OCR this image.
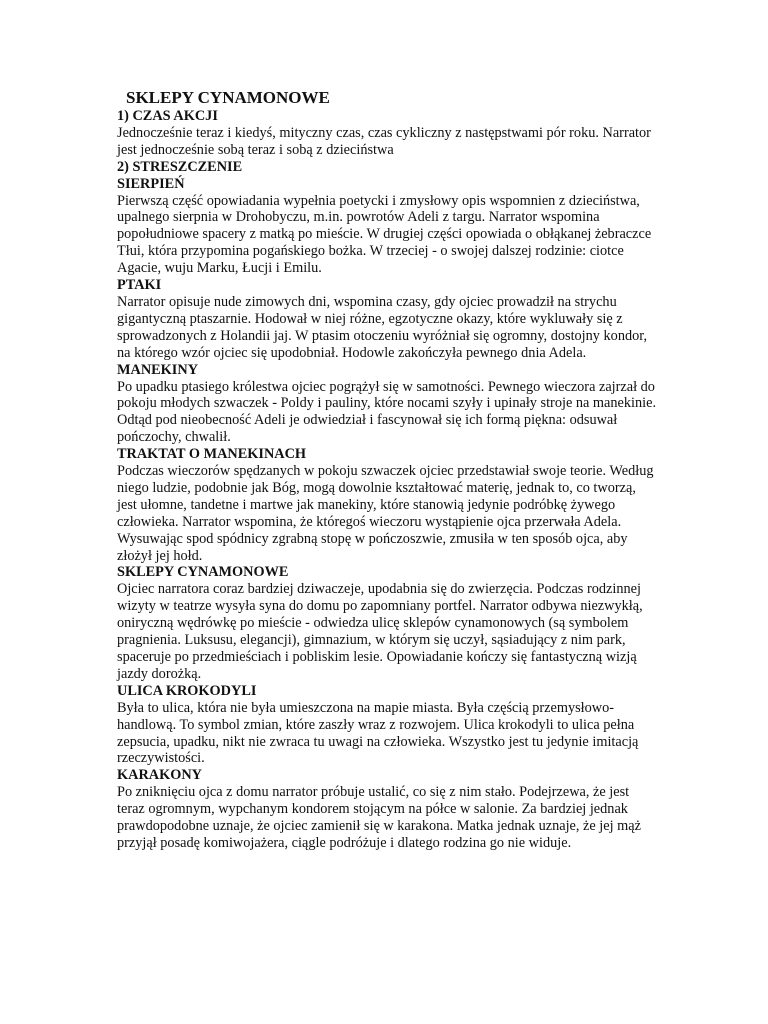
SKLEPY CYNAMONOWE
1) CZAS AKCJI

Jednocześnie teraz i kiedyś, mityczny czas, czas cykliczny z następstwami pór roku. Narrator jest jednocześnie sobą teraz i sobą z dzieciństwa

2) STRESZCZENIE
SIERPIEŃ

Pierwszą część opowiadania wypełnia poetycki i zmysłowy opis wspomnien z dzieciństwa, upalnego sierpnia w Drohobyczu, m.in. powrotów Adeli z targu. Narrator wspomina popołudniowe spacery z matką po mieście. W drugiej części opowiada o obłąkanej żebraczce Tłui, która przypomina pogańskiego bożka. W trzeciej - o swojej dalszej rodzinie: ciotce Agacie, wuju Marku, Łucji i Emilu.

PTAKI

Narrator opisuje nude zimowych dni, wspomina czasy, gdy ojciec prowadził na strychu gigantyczną ptaszarnie. Hodował w niej różne, egzotyczne okazy, które wykluwały się z sprowadzonych z Holandii jaj. W ptasim otoczeniu wyróżniał się ogromny, dostojny kondor, na którego wzór ojciec się upodobniał. Hodowle zakończyła pewnego dnia Adela.

MANEKINY

Po upadku ptasiego królestwa ojciec pogrążył się w samotności. Pewnego wieczora zajrzał do pokoju młodych szwaczek - Poldy i pauliny, które nocami szyły i upinały stroje na manekinie. Odtąd pod nieobecność Adeli je odwiedział i fascynował się ich formą piękna: odsuwał pończochy, chwalił.

TRAKTAT O MANEKINACH

Podczas wieczorów spędzanych w pokoju szwaczek ojciec przedstawiał swoje teorie. Według niego ludzie, podobnie jak Bóg, mogą dowolnie kształtować materię, jednak to, co tworzą, jest ułomne, tandetne i martwe jak manekiny, które stanowią jedynie podróbkę żywego człowieka. Narrator wspomina, że któregoś wieczoru wystąpienie ojca przerwała Adela. Wysuwając spod spódnicy zgrabną stopę w pończoszwie, zmusiła w ten sposób ojca, aby złożył jej hołd.

SKLEPY CYNAMONOWE

Ojciec narratora coraz bardziej dziwaczeje, upodabnia się do zwierzęcia. Podczas rodzinnej wizyty w teatrze wysyła syna do domu po zapomniany portfel. Narrator odbywa niezwykłą, oniryczną wędrówkę po mieście - odwiedza ulicę sklepów cynamonowych (są symbolem pragnienia. Luksusu, elegancji), gimnazium, w którym się uczył, sąsiadujący z nim park, spaceruje po przedmieściach i pobliskim lesie. Opowiadanie kończy się fantastyczną wizją jazdy dorożką.

ULICA KROKODYLI

Była to ulica, która nie była umieszczona na mapie miasta. Była częścią przemysłowo-handlową. To symbol zmian, które zaszły wraz z rozwojem. Ulica krokodyli to ulica pełna zepsucia, upadku, nikt nie zwraca tu uwagi na człowieka. Wszystko jest tu jedynie imitacją rzeczywistości.

KARAKONY

Po zniknięciu ojca z domu narrator próbuje ustalić, co się z nim stało. Podejrzewa, że jest teraz ogromnym, wypchanym kondorem stojącym na półce w salonie. Za bardziej jednak prawdopodobne uznaje, że ojciec zamienił się w karakona. Matka jednak uznaje, że jej mąż przyjął posadę komiwojażera, ciągle podróżuje i dlatego rodzina go nie widuje.
